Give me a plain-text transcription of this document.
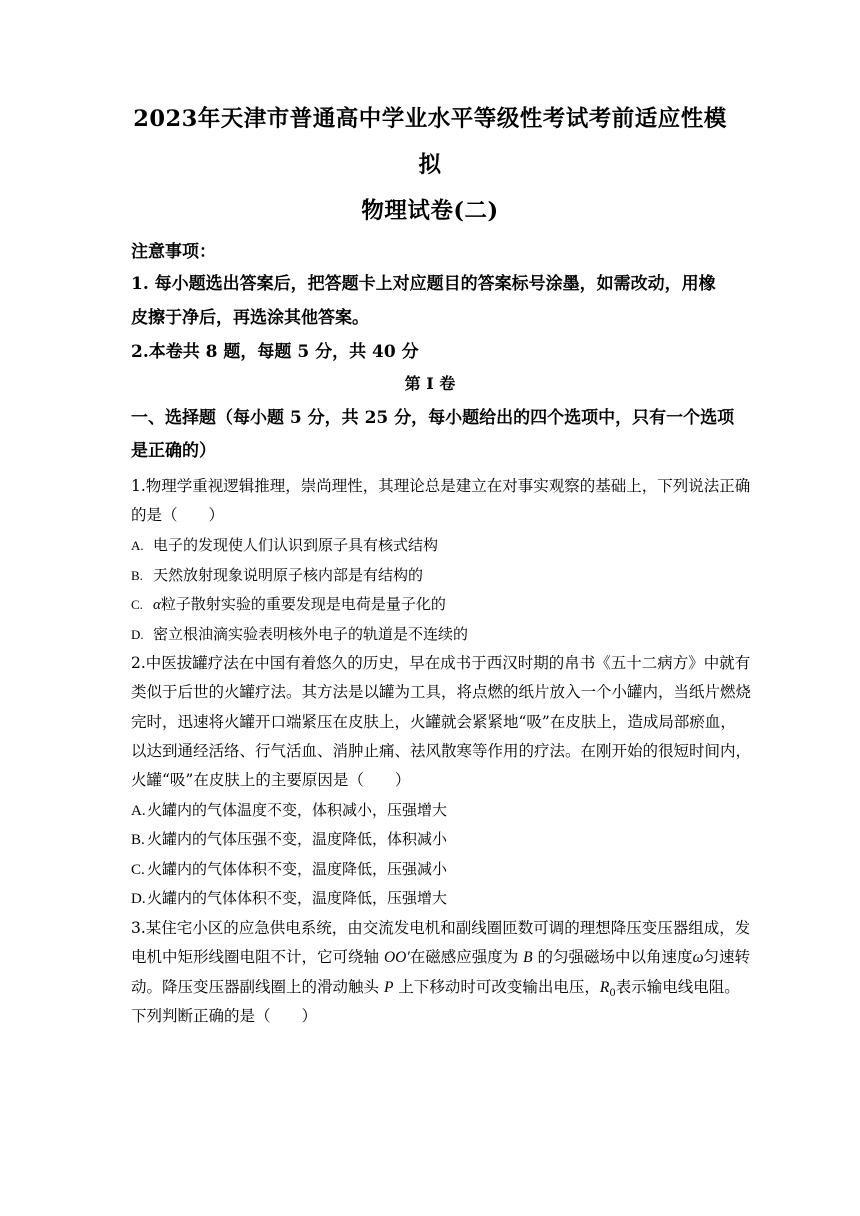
2023年天津市普通高中学业水平等级性考试考前适应性模
拟
物理试卷(二)
注意事项：
1. 每小题选出答案后，把答题卡上对应题目的答案标号涂墨，如需改动，用橡
皮擦于净后，再选涂其他答案。
2.本卷共 8 题，每题 5 分，共 40 分
第 I 卷
一、选择题（每小题 5 分，共 25 分，每小题给出的四个选项中，只有一个选项
是正确的）
1.物理学重视逻辑推理，崇尚理性，其理论总是建立在对事实观察的基础上，下列说法正确
的是（　　）
A. 电子的发现使人们认识到原子具有核式结构
B. 天然放射现象说明原子核内部是有结构的
C. α粒子散射实验的重要发现是电荷是量子化的
D. 密立根油滴实验表明核外电子的轨道是不连续的
2.中医拔罐疗法在中国有着悠久的历史，早在成书于西汉时期的帛书《五十二病方》中就有
类似于后世的火罐疗法。其方法是以罐为工具，将点燃的纸片放入一个小罐内，当纸片燃烧
完时，迅速将火罐开口端紧压在皮肤上，火罐就会紧紧地“吸”在皮肤上，造成局部瘀血，
以达到通经活络、行气活血、消肿止痛、祛风散寒等作用的疗法。在刚开始的很短时间内，
火罐“吸”在皮肤上的主要原因是（　　）
A.火罐内的气体温度不变，体积减小，压强增大
B. 火罐内的气体压强不变，温度降低，体积减小
C. 火罐内的气体体积不变，温度降低，压强减小
D.火罐内的气体体积不变，温度降低，压强增大
3.某住宅小区的应急供电系统，由交流发电机和副线圈匝数可调的理想降压变压器组成，发
电机中矩形线圈电阻不计，它可绕轴 OO′在磁感应强度为 B 的匀强磁场中以角速度ω匀速转
动。降压变压器副线圈上的滑动触头 P 上下移动时可改变输出电压，$R_0$表示输电线电阻。
下列判断正确的是（　　）
